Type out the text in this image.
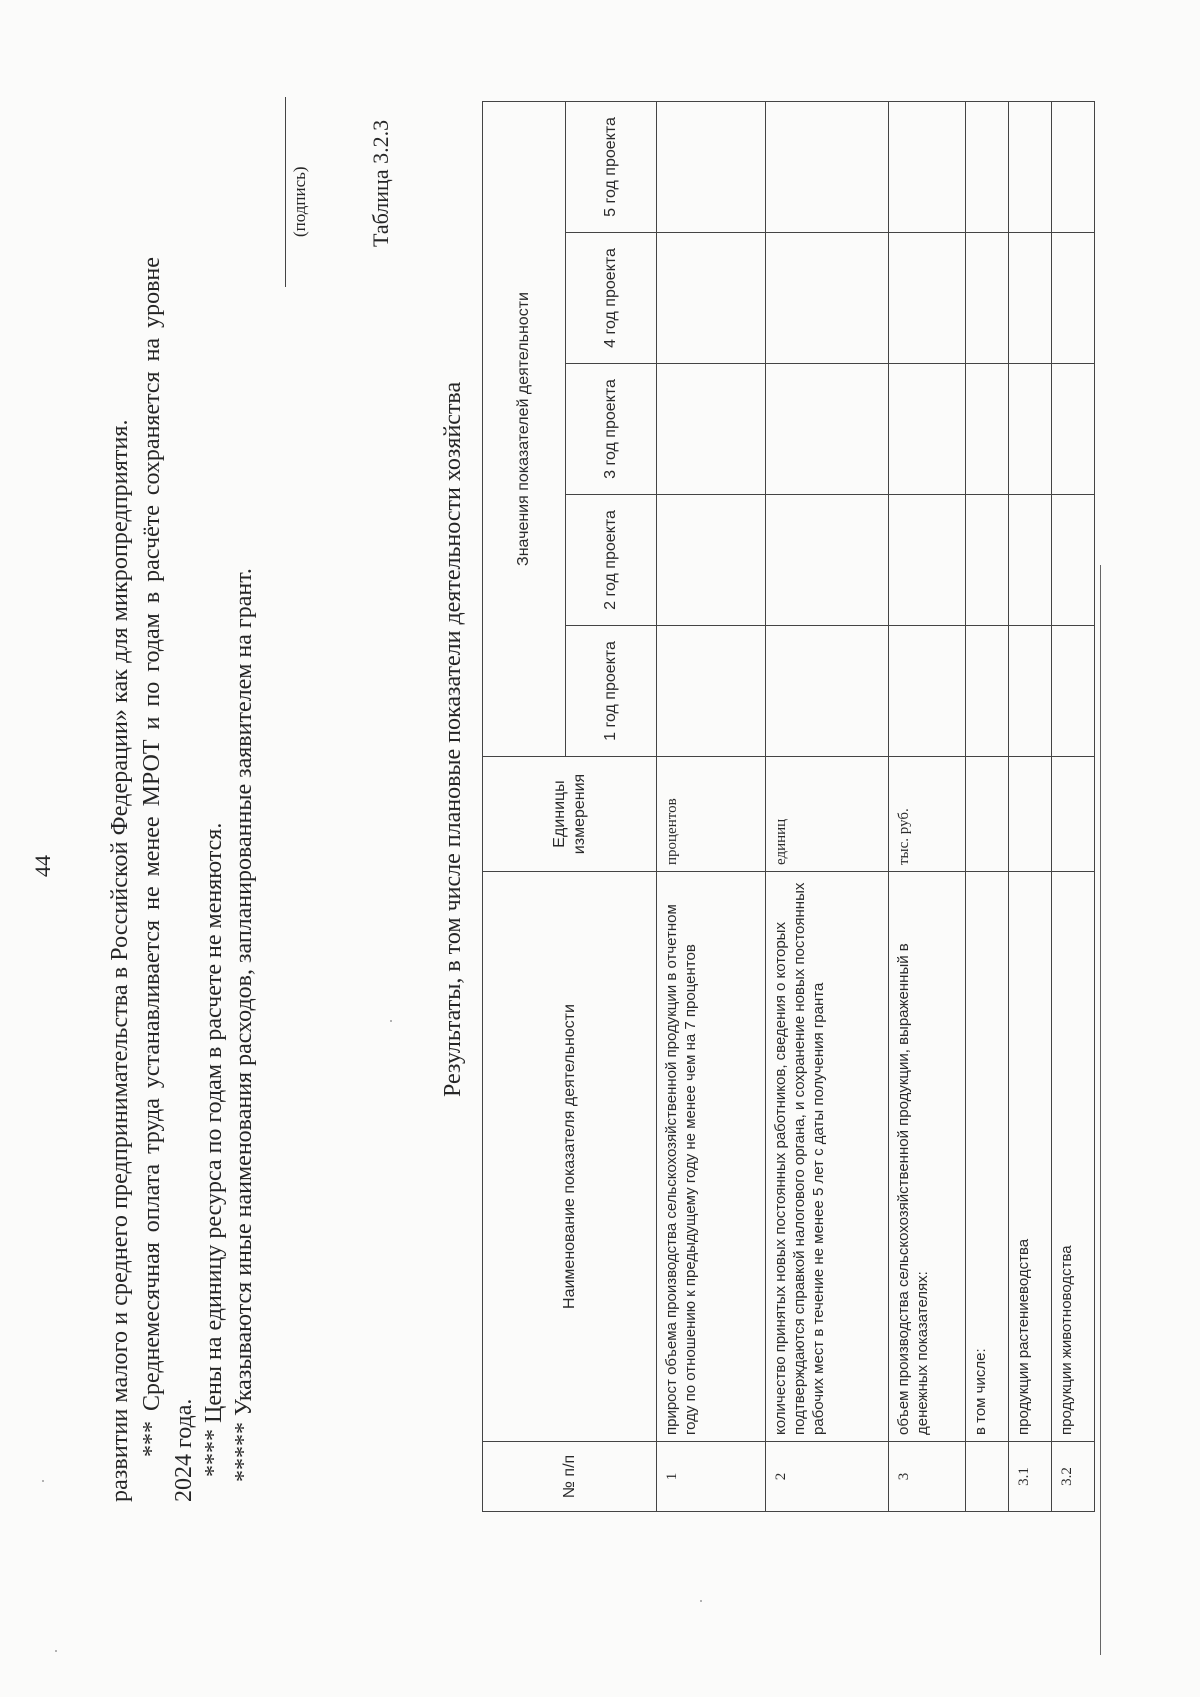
44 развитии малого и среднего предпринимательства в Российской Федерации» как для микропредприятия. *** Среднемесячная оплата труда устанавливается не менее МРОТ и по годам в расчёте сохраняется на уровне 2024 года. **** Цены на единицу ресурса по годам в расчете не меняются. ***** Указываются иные наименования расходов, запланированные заявителем на грант.
(подпись)	Таблица 3.2.3
Результаты, в том числе плановые показатели деятельности хозяйства
№ п/п	Наименование показателя деятельности	Единицы измерения	Значения показателей деятельности				
			1 год проекта	2 год проекта	3 год проекта	4 год проекта	5 год проекта
1	прирост объема производства сельскохозяйственной продукции в отчетном году по отношению к предыдущему году не менее чем на 7 процентов	процентов					
2	количество принятых новых постоянных работников, сведения о которых подтверждаются справкой налогового органа, и сохранение новых постоянных рабочих мест в течение не менее 5 лет с даты получения гранта	единиц					
3	объем производства сельскохозяйственной продукции, выраженный в денежных показателях:	тыс. руб.					
	в том числе:						
3.1	продукции растениеводства						
3.2	продукции животноводства						
